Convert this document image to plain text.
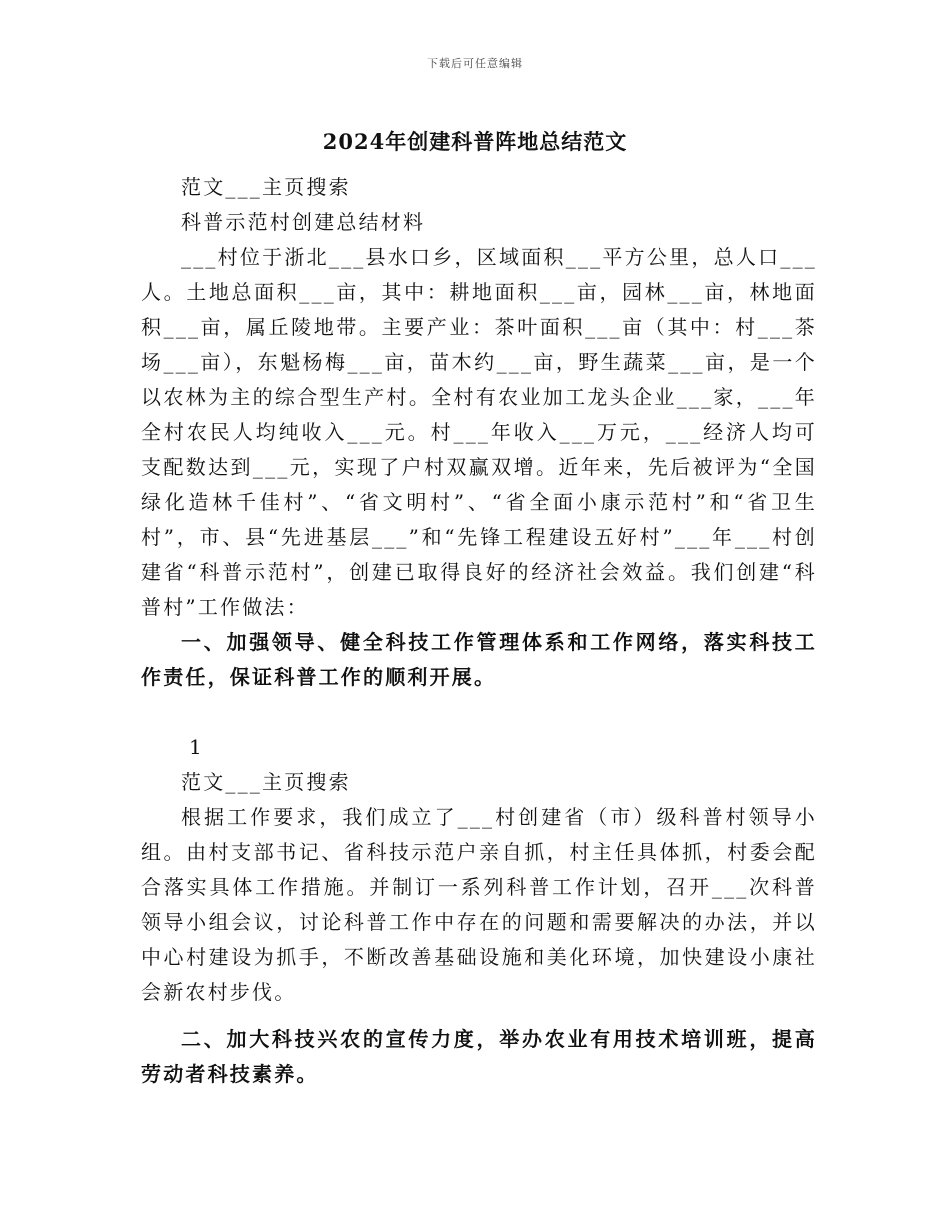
下载后可任意编辑
2024年创建科普阵地总结范文

范文___主页搜索

科普示范村创建总结材料

___村位于浙北___县水口乡，区域面积___平方公里，总人口___人。土地总面积___亩，其中：耕地面积___亩，园林___亩，林地面积___亩，属丘陵地带。主要产业：茶叶面积___亩（其中：村___茶场___亩），东魁杨梅___亩，苗木约___亩，野生蔬菜___亩，是一个以农林为主的综合型生产村。全村有农业加工龙头企业___家，___年全村农民人均纯收入___元。村___年收入___万元，___经济人均可支配数达到___元，实现了户村双赢双增。近年来，先后被评为“全国绿化造林千佳村”、“省文明村”、“省全面小康示范村”和“省卫生村”，市、县“先进基层___”和“先锋工程建设五好村”___年___村创建省“科普示范村”，创建已取得良好的经济社会效益。我们创建“科普村”工作做法：

一、加强领导、健全科技工作管理体系和工作网络，落实科技工作责任，保证科普工作的顺利开展。

1

范文___主页搜索

根据工作要求，我们成立了___村创建省（市）级科普村领导小组。由村支部书记、省科技示范户亲自抓，村主任具体抓，村委会配合落实具体工作措施。并制订一系列科普工作计划，召开___次科普领导小组会议，讨论科普工作中存在的问题和需要解决的办法，并以中心村建设为抓手，不断改善基础设施和美化环境，加快建设小康社会新农村步伐。

二、加大科技兴农的宣传力度，举办农业有用技术培训班，提高劳动者科技素养。
